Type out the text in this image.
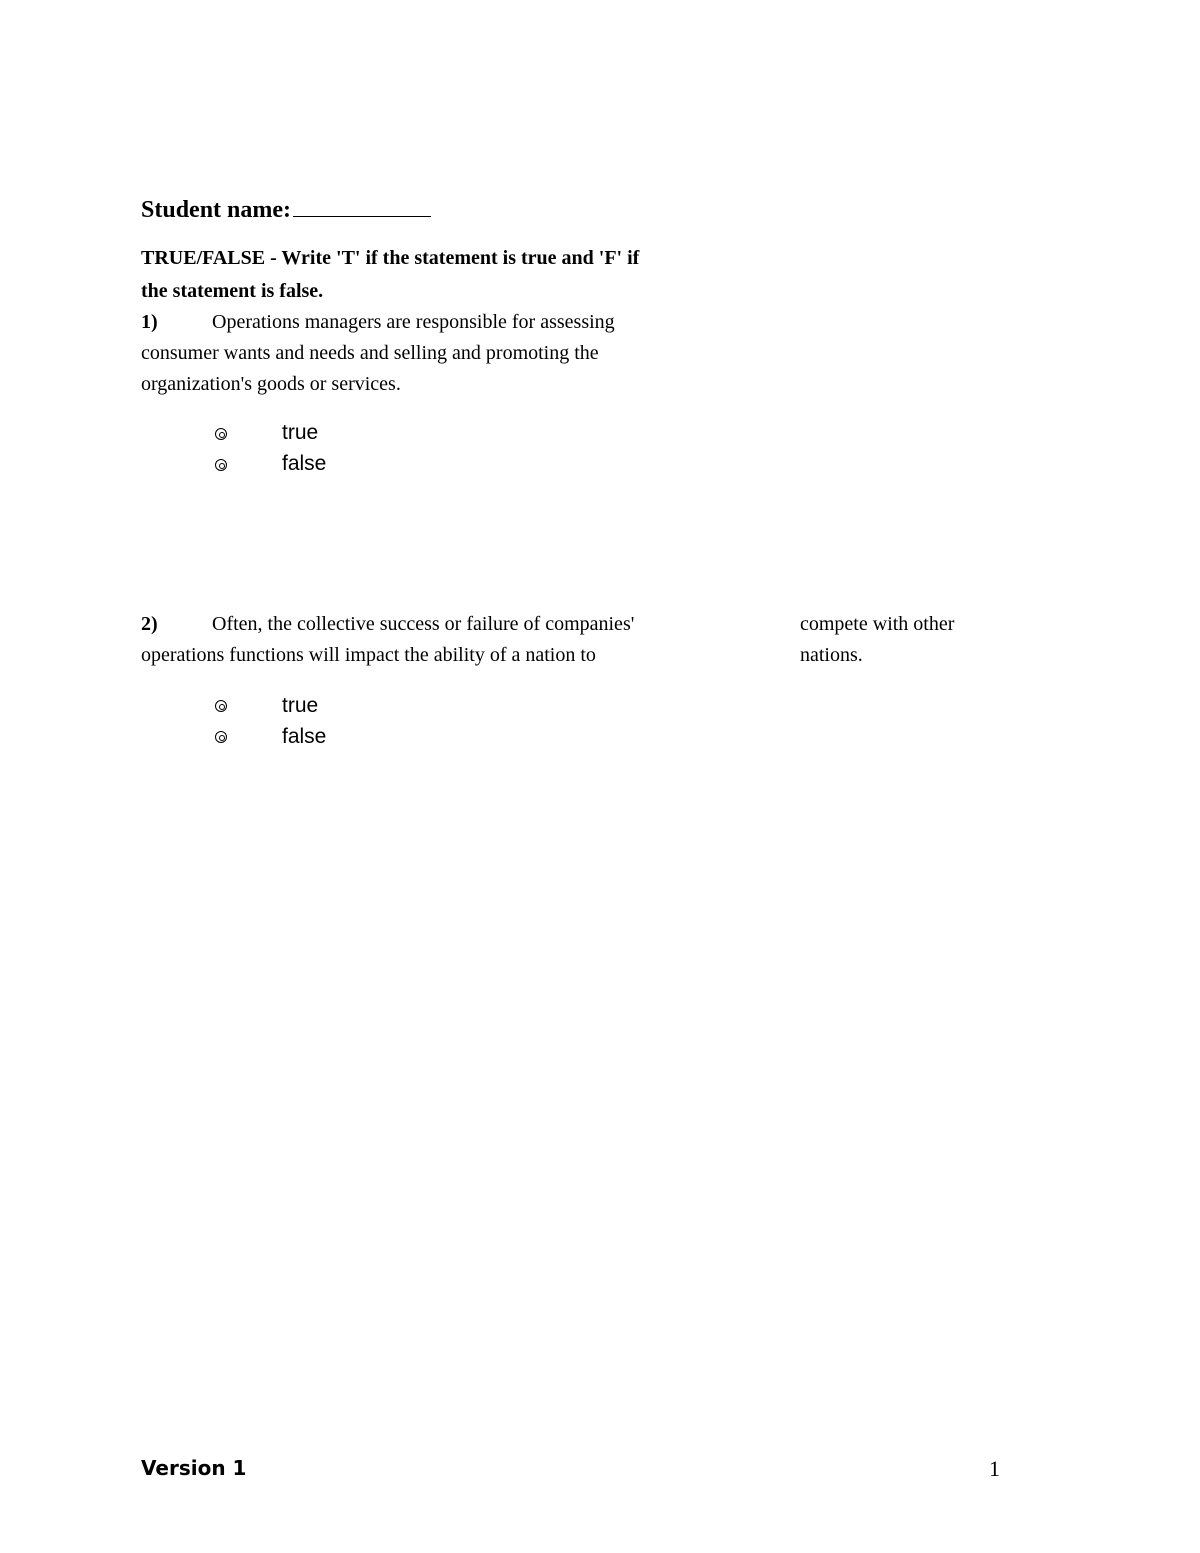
Student name:
TRUE/FALSE - Write 'T' if the statement is true and 'F' if
the statement is false.
1)	Operations managers are responsible for assessing
consumer wants and needs and selling and promoting the
organization's goods or services.
true
false
2)	Often, the collective success or failure of companies'
operations functions will impact the ability of a nation to
compete with other
nations.
true
false
Version 1	1
